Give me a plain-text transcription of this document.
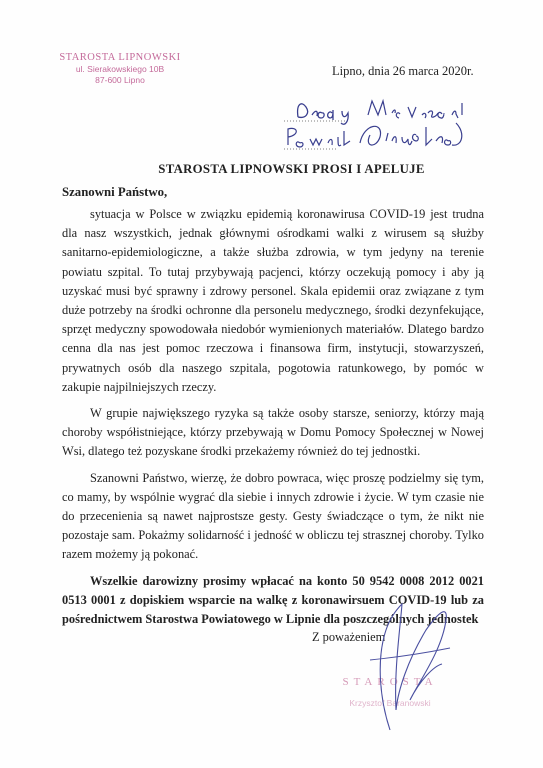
STAROSTA LIPNOWSKI
ul. Sierakowskiego 10B
87-600 Lipno
Lipno, dnia 26 marca 2020r.
STAROSTA LIPNOWSKI PROSI I APELUJE
Szanowni Państwo,

sytuacja w Polsce w związku epidemią koronawirusa COVID-19 jest trudna dla nasz wszystkich, jednak głównymi ośrodkami walki z wirusem są służby sanitarno-epidemiologiczne, a także służba zdrowia, w tym jedyny na terenie powiatu szpital. To tutaj przybywają pacjenci, którzy oczekują pomocy i aby ją uzyskać musi być sprawny i zdrowy personel. Skala epidemii oraz związane z tym duże potrzeby na środki ochronne dla personelu medycznego, środki dezynfekujące, sprzęt medyczny spowodowała niedobór wymienionych materiałów. Dlatego bardzo cenna dla nas jest pomoc rzeczowa i finansowa firm, instytucji, stowarzyszeń, prywatnych osób dla naszego szpitala, pogotowia ratunkowego, by pomóc w zakupie najpilniejszych rzeczy.

W grupie największego ryzyka są także osoby starsze, seniorzy, którzy mają choroby współistniejące, którzy przebywają w Domu Pomocy Społecznej w Nowej Wsi, dlatego też pozyskane środki przekażemy również do tej jednostki.

Szanowni Państwo, wierzę, że dobro powraca, więc proszę podzielmy się tym, co mamy, by wspólnie wygrać dla siebie i innych zdrowie i życie. W tym czasie nie do przecenienia są nawet najprostsze gesty. Gesty świadczące o tym, że nikt nie pozostaje sam. Pokażmy solidarność i jedność w obliczu tej strasznej choroby. Tylko razem możemy ją pokonać.

Wszelkie darowizny prosimy wpłacać na konto 50 9542 0008 2012 0021 0513 0001 z dopiskiem wsparcie na walkę z koronawirsuem COVID-19 lub za pośrednictwem Starostwa Powiatowego w Lipnie dla poszczególnych jednostek

Z poważeniem
STAROSTA
Krzysztof Baranowski
